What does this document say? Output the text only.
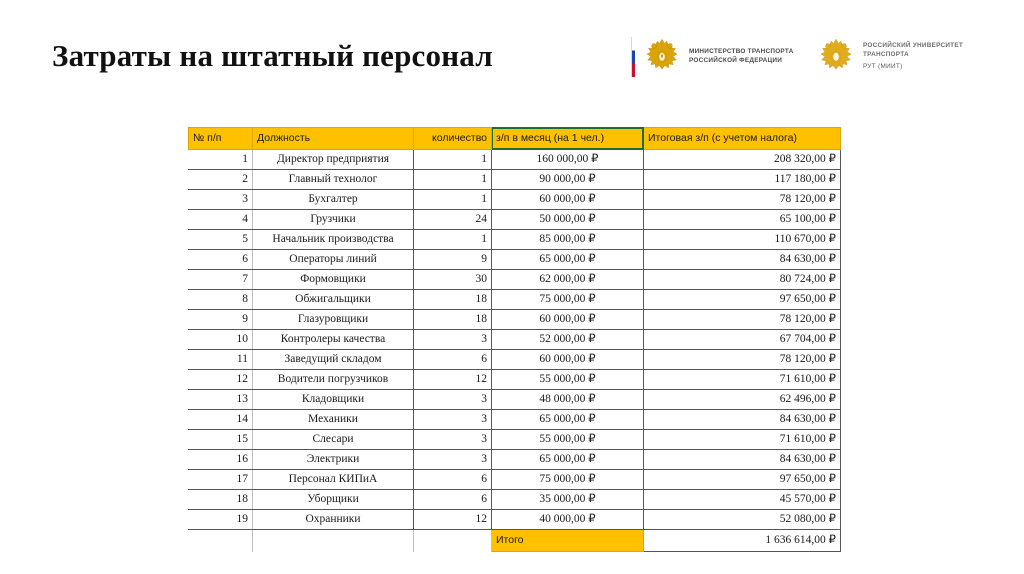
Затраты на штатный персонал	МИНИСТЕРСТВО ТРАНСПОРТА
РОССИЙСКОЙ ФЕДЕРАЦИИ
РОССИЙСКИЙ УНИВЕРСИТЕТ
ТРАНСПОРТА
РУТ (МИИТ)
№ п/п	Должность	количество	з/п в месяц (на 1 чел.)	Итоговая з/п (с учетом налога)
1	Директор предприятия	1	160 000,00 ₽	208 320,00 ₽
2	Главный технолог	1	90 000,00 ₽	117 180,00 ₽
3	Бухгалтер	1	60 000,00 ₽	78 120,00 ₽
4	Грузчики	24	50 000,00 ₽	65 100,00 ₽
5	Начальник производства	1	85 000,00 ₽	110 670,00 ₽
6	Операторы линий	9	65 000,00 ₽	84 630,00 ₽
7	Формовщики	30	62 000,00 ₽	80 724,00 ₽
8	Обжигальщики	18	75 000,00 ₽	97 650,00 ₽
9	Глазуровщики	18	60 000,00 ₽	78 120,00 ₽
10	Контролеры качества	3	52 000,00 ₽	67 704,00 ₽
11	Заведущий складом	6	60 000,00 ₽	78 120,00 ₽
12	Водители погрузчиков	12	55 000,00 ₽	71 610,00 ₽
13	Кладовщики	3	48 000,00 ₽	62 496,00 ₽
14	Механики	3	65 000,00 ₽	84 630,00 ₽
15	Слесари	3	55 000,00 ₽	71 610,00 ₽
16	Электрики	3	65 000,00 ₽	84 630,00 ₽
17	Персонал КИПиА	6	75 000,00 ₽	97 650,00 ₽
18	Уборщики	6	35 000,00 ₽	45 570,00 ₽
19	Охранники	12	40 000,00 ₽	52 080,00 ₽
			Итого	1 636 614,00 ₽
